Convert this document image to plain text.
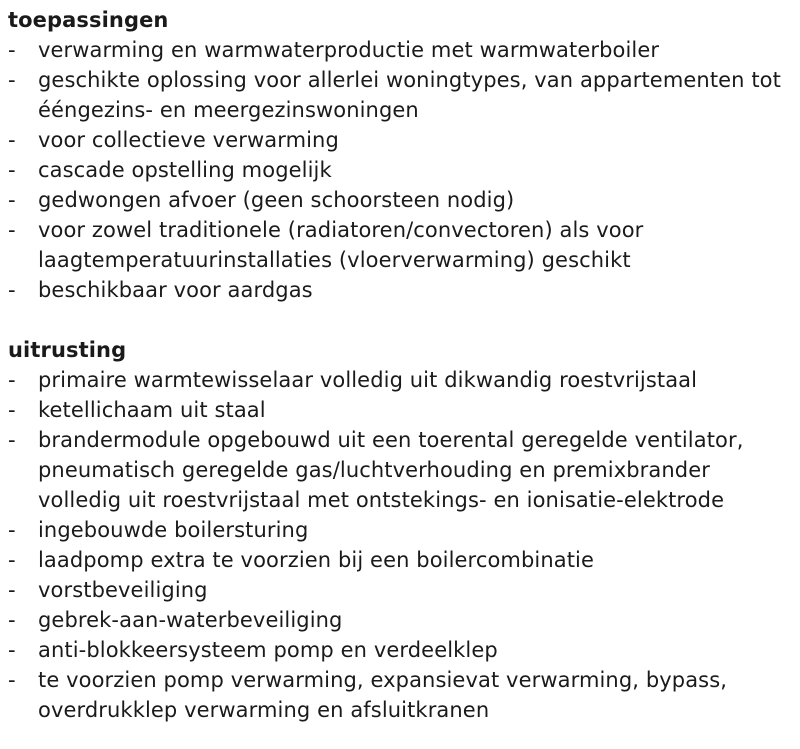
toepassingen
-	verwarming en warmwaterproductie met warmwaterboiler
-	geschikte oplossing voor allerlei woningtypes, van appartementen tot ééngezins- en meergezinswoningen
-	voor collectieve verwarming
-	cascade opstelling mogelijk
-	gedwongen afvoer (geen schoorsteen nodig)
-	voor zowel traditionele (radiatoren/convectoren) als voor laagtemperatuurinstallaties (vloerverwarming) geschikt
-	beschikbaar voor aardgas
uitrusting
-	primaire warmtewisselaar volledig uit dikwandig roestvrijstaal
-	ketellichaam uit staal
-	brandermodule opgebouwd uit een toerental geregelde ventilator, pneumatisch geregelde gas/luchtverhouding en premixbrander volledig uit roestvrijstaal met ontstekings- en ionisatie-elektrode
-	ingebouwde boilersturing
-	laadpomp extra te voorzien bij een boilercombinatie
-	vorstbeveiliging
-	gebrek-aan-waterbeveiliging
-	anti-blokkeersysteem pomp en verdeelklep
-	te voorzien pomp verwarming, expansievat verwarming, bypass, overdrukklep verwarming en afsluitkranen
